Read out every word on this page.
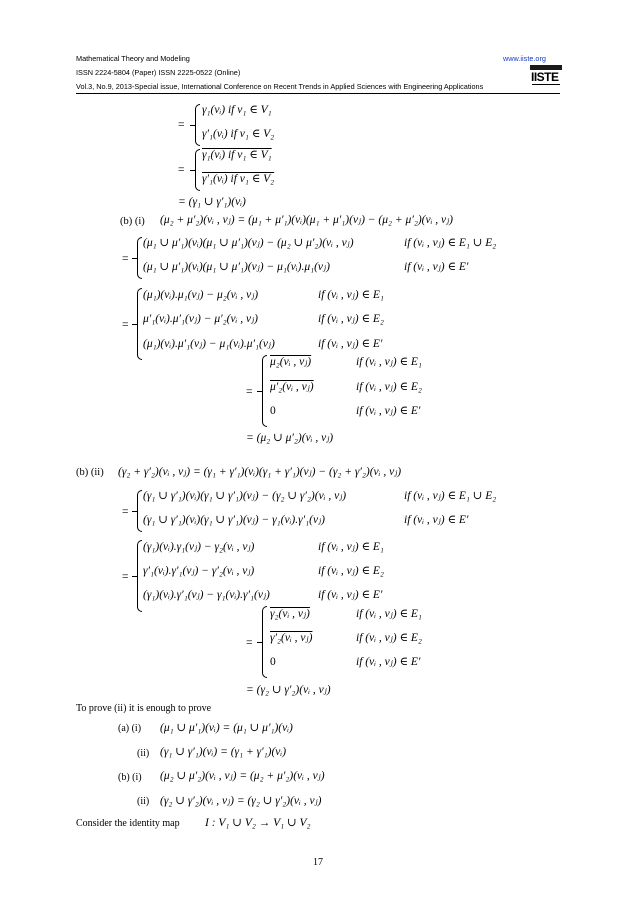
Mathematical Theory and Modeling	www.iiste.org
ISSN 2224-5804 (Paper) ISSN 2225-0522 (Online)
Vol.3, No.9, 2013-Special issue, International Conference on Recent Trends in Applied Sciences with Engineering Applications
IISTE
=
γ₁(vᵢ) if v₁ ∈ V₁
γ′₁(vᵢ) if v₁ ∈ V₂
=
γ₁(vᵢ) if v₁ ∈ V₁
γ′₁(vᵢ) if v₁ ∈ V₂
= (γ₁ ∪ γ′₁)(vᵢ)
(b) (i) (μ₂ + μ′₂)(vᵢ , vⱼ) = (μ₁ + μ′₁)(vᵢ)(μ₁ + μ′₁)(vⱼ) − (μ₂ + μ′₂)(vᵢ , vⱼ)
=
(μ₁ ∪ μ′₁)(vᵢ)(μ₁ ∪ μ′₁)(vⱼ) − (μ₂ ∪ μ′₂)(vᵢ , vⱼ)	if (vᵢ , vⱼ) ∈ E₁ ∪ E₂
(μ₁ ∪ μ′₁)(vᵢ)(μ₁ ∪ μ′₁)(vⱼ) − μ₁(vᵢ).μ₁(vⱼ)	if (vᵢ , vⱼ) ∈ E'
=
(μ₁)(vᵢ).μ₁(vⱼ) − μ₂(vᵢ , vⱼ)	if (vᵢ , vⱼ) ∈ E₁
μ′₁(vᵢ).μ′₁(vⱼ) − μ′₂(vᵢ , vⱼ)	if (vᵢ , vⱼ) ∈ E₂
(μ₁)(vᵢ).μ′₁(vⱼ) − μ₁(vᵢ).μ′₁(vⱼ)	if (vᵢ , vⱼ) ∈ E'
=
μ₂(vᵢ , vⱼ)	if (vᵢ , vⱼ) ∈ E₁
μ′₂(vᵢ , vⱼ)	if (vᵢ , vⱼ) ∈ E₂
0	if (vᵢ , vⱼ) ∈ E'
= (μ₂ ∪ μ′₂)(vᵢ , vⱼ)
(b) (ii) (γ₂ + γ′₂)(vᵢ , vⱼ) = (γ₁ + γ′₁)(vᵢ)(γ₁ + γ′₁)(vⱼ) − (γ₂ + γ′₂)(vᵢ , vⱼ)
=
(γ₁ ∪ γ′₁)(vᵢ)(γ₁ ∪ γ′₁)(vⱼ) − (γ₂ ∪ γ′₂)(vᵢ , vⱼ)	if (vᵢ , vⱼ) ∈ E₁ ∪ E₂
(γ₁ ∪ γ′₁)(vᵢ)(γ₁ ∪ γ′₁)(vⱼ) − γ₁(vᵢ).γ′₁(vⱼ)	if (vᵢ , vⱼ) ∈ E'
=
(γ₁)(vᵢ).γ₁(vⱼ) − γ₂(vᵢ , vⱼ)	if (vᵢ , vⱼ) ∈ E₁
γ′₁(vᵢ).γ′₁(vⱼ) − γ′₂(vᵢ , vⱼ)	if (vᵢ , vⱼ) ∈ E₂
(γ₁)(vᵢ).γ′₁(vⱼ) − γ₁(vᵢ).γ′₁(vⱼ)	if (vᵢ , vⱼ) ∈ E'
=
γ₂(vᵢ , vⱼ)	if (vᵢ , vⱼ) ∈ E₁
γ′₂(vᵢ , vⱼ)	if (vᵢ , vⱼ) ∈ E₂
0	if (vᵢ , vⱼ) ∈ E'
= (γ₂ ∪ γ′₂)(vᵢ , vⱼ)
To prove (ii) it is enough to prove
(a) (i) (μ₁ ∪ μ′₁)(vᵢ) = (μ₁ ∪ μ′₁)(vᵢ)
(ii) (γ₁ ∪ γ′₁)(vᵢ) = (γ₁ + γ′₁)(vᵢ)
(b) (i) (μ₂ ∪ μ′₂)(vᵢ , vⱼ) = (μ₂ + μ′₂)(vᵢ , vⱼ)
(ii) (γ₂ ∪ γ′₂)(vᵢ , vⱼ) = (γ₂ ∪ γ′₂)(vᵢ , vⱼ)
Consider the identity map I : V₁ ∪ V₂ → V₁ ∪ V₂
17
